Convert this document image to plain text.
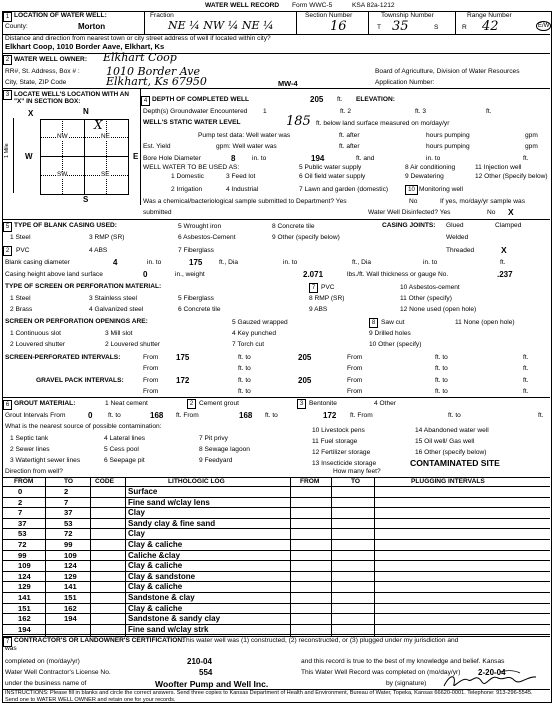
WATER WELL RECORD Form WWC-5	KSA 82a-1212
1 LOCATION OF WATER WELL:	Fraction	Section Number	Township Number	Range Number
County:	Morton	NE ¼ NW ¼ NE ¼	16	T 35	S	R 42	E/W
Distance and direction from nearest town or city street address of well if located within city?
Elkhart Coop, 1010 Border Aave, Elkhart, Ks
2 WATER WELL OWNER: Elkhart Coop
RR#, St. Address, Box # : 1010 Border Ave
City, State, ZIP Code	Elkhart, Ks 67950	MW-4
Board of Agriculture, Division of Water Resources
Application Number:
3 LOCATE WELL'S LOCATION WITH AN "X" IN SECTION BOX:
X	N
S
W	E
1 Mile
NW	NE
SW	SE
X
4 DEPTH OF COMPLETED WELL	205 ft. ELEVATION:
Depth(s) Groundwater Encountered 1	ft. 2	ft. 3	ft.
WELL'S STATIC WATER LEVEL	185 ft. below land surface measured on mo/day/yr
Pump test data: Well water was	ft. after	hours pumping	gpm
Est. Yield	gpm: Well water was	ft. after	hours pumping	gpm
Bore Hole Diameter	8	in. to	194	ft. and	in. to	ft.
WELL WATER TO BE USED AS:
1 Domestic	3 Feed lot
5 Public water supply	8 Air conditioning	11 Injection well
2 Irrigation	4 Industrial	7 Lawn and garden (domestic)
6 Oil field water supply	9 Dewatering	12 Other (Specify below)
10 Monitoring well
Was a chemical/bacteriological sample submitted to Department? Yes	No	If yes, mo/day/yr sample was
submitted	Water Well Disinfected? Yes	No X
5 TYPE OF BLANK CASING USED:
1 Steel	3 RMP (SR)
5 Wrought iron
6 Asbestos-Cement
8 Concrete tile
9 Other (specify below)
4 ABS	7 Fiberglass
2	PVC
CASING JOINTS: Glued	Clamped
Welded
Threaded	X
Blank casing diameter	4	in. to	175	ft., Dia	in. to	ft., Dia	in. to	ft.
Casing height above land surface	0	in., weight	2.071	lbs./ft. Wall thickness or gauge No.	.237
TYPE OF SCREEN OR PERFORATION MATERIAL:	7 PVC	10 Asbestos-cement
1 Steel	3 Stainless steel	5 Fiberglass	8 RMP (SR)	11 Other (specify)
2 Brass	4 Galvanized steel	6 Concrete tile	9 ABS	12 None used (open hole)
SCREEN OR PERFORATION OPENINGS ARE:	5 Gauzed wrapped	8 Saw cut	11 None (open hole)
1 Continuous slot	3 Mill slot	4 Key punched	9 Drilled holes
2 Louvered shutter	2 Louvered shutter	7 Torch cut	10 Other (specify)
SCREEN-PERFORATED INTERVALS:	From 175	ft. to	205	From	ft. to	ft.
From	ft. to	From	ft. to	ft.
GRAVEL PACK INTERVALS:	From 172	ft. to	205	From	ft. to	ft.
From	ft. to	From	ft. to	ft.
6 GROUT MATERIAL:	1 Neat cement	2 Cement grout	3 Bentonite	4 Other
Grout Intervals From	0 ft. to	168 ft. From	168 ft. to	172 ft. From	ft. to	ft.
What is the nearest source of possible contamination:
1 Septic tank	4 Lateral lines	7 Pit privy
10 Livestock pens	14 Abandoned water well
2 Sewer lines	5 Cess pool	8 Sewage lagoon
11 Fuel storage	15 Oil well/ Gas well
3 Watertight sewer lines	6 Seepage pit	9 Feedyard
12 Fertilizer storage	16 Other (specify below)
13 Insecticide storage	CONTAMINATED SITE
Direction from well?	How many feet?
FROM	TO	CODE	LITHOLOGIC LOG	FROM	TO	PLUGGING INTERVALS
0	2	Surface
2	7	Fine sand w/clay lens
7	37	Clay
37	53	Sandy clay & fine sand
53	72	Clay
72	99	Clay & caliche
99	109	Caliche &clay
109	124	Clay & caliche
124	129	Clay & sandstone
129	141	Clay & caliche
141	151	Sandstone & clay
151	162	Clay & caliche
162	194	Sandstone & sandy clay
194	Fine sand w/clay strk
7 CONTRACTOR'S OR LANDOWNER'S CERTIFICATION:
This water well was (1) constructed, (2) reconstructed, or (3) plugged under my jurisdiction and
was
completed on (mo/day/yr)	210-04	and this record is true to the best of my knowledge and belief. Kansas
Water Well Contractor's License No.	554	This Water Well Record was completed on (mo/day/yr) 2-20-04
under the business name of	Woofter Pump and Well Inc.	by (signature)
INSTRUCTIONS: Please fill in blanks and circle the correct answers. Send three copies to Kansas Department of Health and Environment, Bureau of Water, Topeka, Kansas 66620-0001. Telephone: 913-296-5545. Send one to WATER WELL OWNER and retain one for your records.
